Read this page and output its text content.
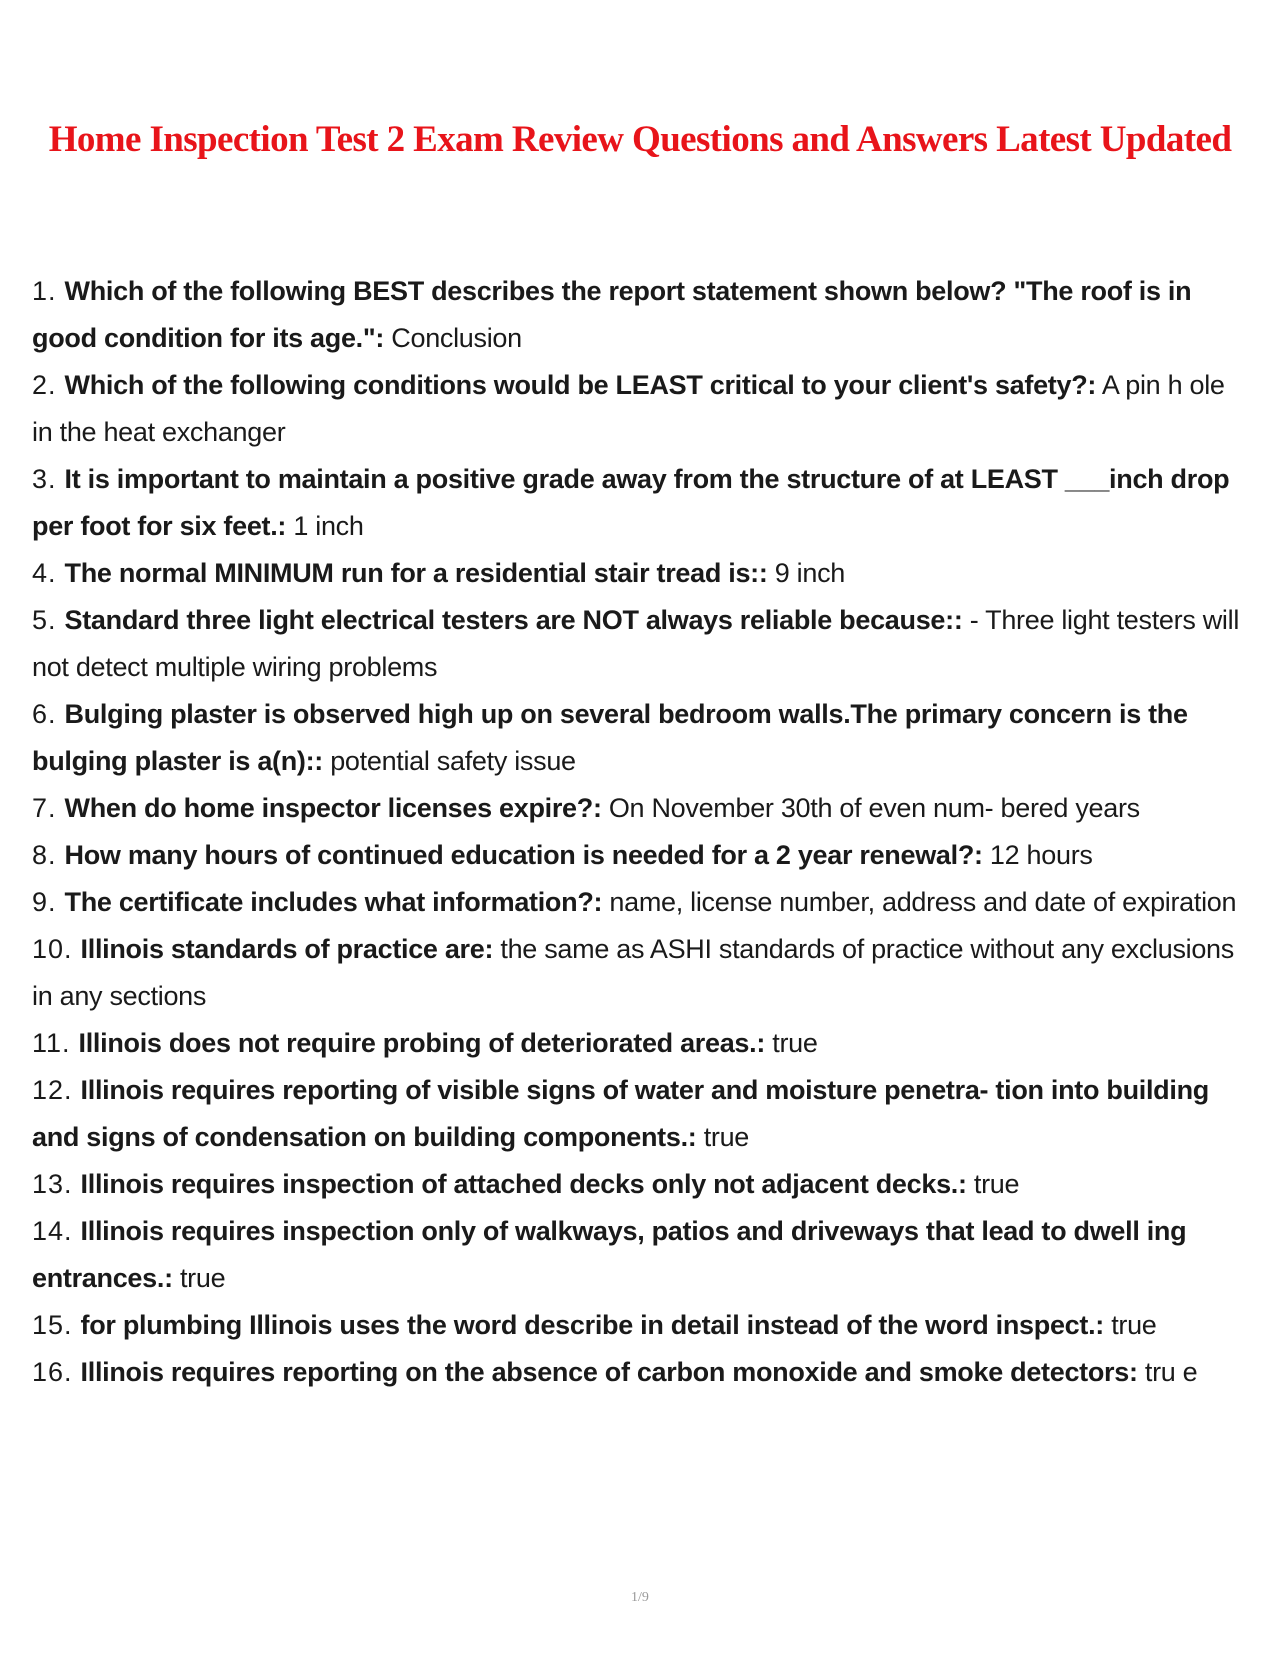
Home Inspection Test 2 Exam Review Questions and Answers Latest Updated
1. Which of the following BEST describes the report statement shown below? "The roof is in good condition for its age.": Conclusion
2. Which of the following conditions would be LEAST critical to your client's safety?: A pin h ole in the heat exchanger
3. It is important to maintain a positive grade away from the structure of at LEAST ___inch drop per foot for six feet.: 1 inch
4. The normal MINIMUM run for a residential stair tread is:: 9 inch
5. Standard three light electrical testers are NOT always reliable because:: - Three light testers will not detect multiple wiring problems
6. Bulging plaster is observed high up on several bedroom walls.The primary concern is the bulging plaster is a(n):: potential safety issue
7. When do home inspector licenses expire?: On November 30th of even num- bered years
8. How many hours of continued education is needed for a 2 year renewal?: 12 hours
9. The certificate includes what information?: name, license number, address and date of expiration
10. Illinois standards of practice are: the same as ASHI standards of practice without any exclusions in any sections
11. Illinois does not require probing of deteriorated areas.: true
12. Illinois requires reporting of visible signs of water and moisture penetra- tion into building and signs of condensation on building components.: true
13. Illinois requires inspection of attached decks only not adjacent decks.: true
14. Illinois requires inspection only of walkways, patios and driveways that lead to dwell ing entrances.: true
15. for plumbing Illinois uses the word describe in detail instead of the word inspect.: true
16. Illinois requires reporting on the absence of carbon monoxide and smoke detectors: tru e
1/9
